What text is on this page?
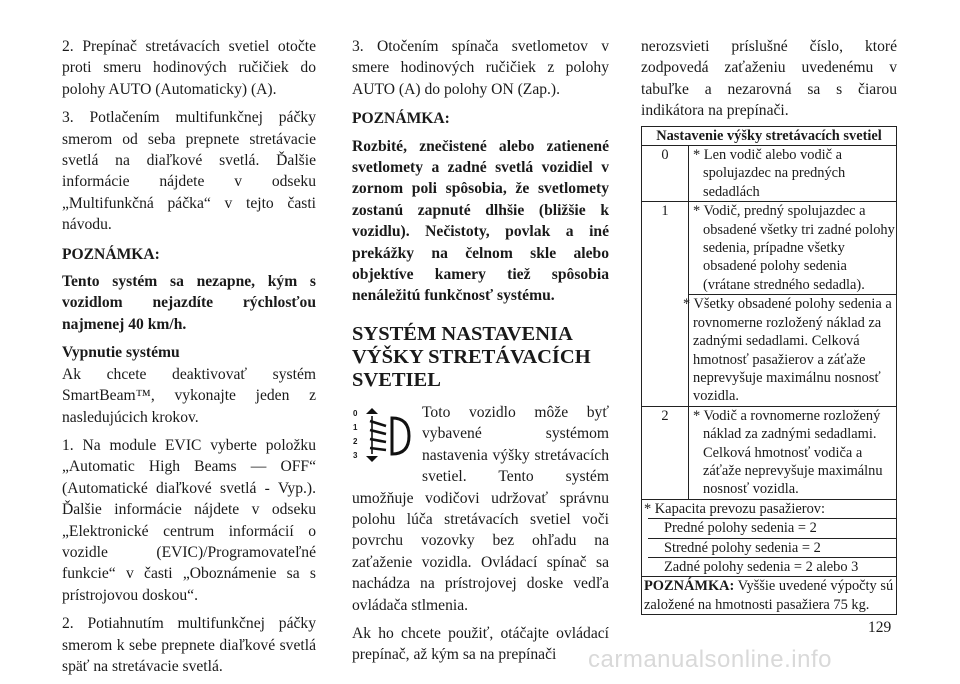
2. Prepínač stretávacích svetiel otočte proti smeru hodinových ručičiek do polohy AUTO (Automaticky) (A).

3. Potlačením multifunkčnej páčky smerom od seba prepnete stretávacie svetlá na diaľkové svetlá. Ďalšie informácie nájdete v odseku „Multifunkčná páčka“ v tejto časti návodu.

POZNÁMKA:

Tento systém sa nezapne, kým s vozidlom nejazdíte rýchlosťou najmenej 40 km/h.

Vypnutie systému

Ak chcete deaktivovať systém SmartBeam™, vykonajte jeden z nasledujúcich krokov.

1. Na module EVIC vyberte položku „Automatic High Beams — OFF“ (Automatické diaľkové svetlá - Vyp.). Ďalšie informácie nájdete v odseku „Elektronické centrum informácií o vozidle (EVIC)/Programovateľné funkcie“ v časti „Oboznámenie sa s prístrojovou doskou“.

2. Potiahnutím multifunkčnej páčky smerom k sebe prepnete diaľkové svetlá späť na stretávacie svetlá.

3. Otočením spínača svetlometov v smere hodinových ručičiek z polohy AUTO (A) do polohy ON (Zap.).

POZNÁMKA:

Rozbité, znečistené alebo zatienené svetlomety a zadné svetlá vozidiel v zornom poli spôsobia, že svetlomety zostanú zapnuté dlhšie (bližšie k vozidlu). Nečistoty, povlak a iné prekážky na čelnom skle alebo objektíve kamery tiež spôsobia nenáležitú funkčnosť systému.

SYSTÉM NASTAVENIA
VÝŠKY STRETÁVACÍCH
SVETIEL
0
1
2
3

Toto vozidlo môže byť vybavené systémom nastavenia výšky stretávacích svetiel. Tento systém umožňuje vodičovi udržovať správnu polohu lúča stretávacích svetiel voči povrchu vozovky bez ohľadu na zaťaženie vozidla. Ovládací spínač sa nachádza na prístrojovej doske vedľa ovládača stlmenia.

Ak ho chcete použiť, otáčajte ovládací prepínač, až kým sa na prepínači

nerozsvieti príslušné číslo, ktoré zodpovedá zaťaženiu uvedenému v tabuľke a nezarovná sa s čiarou indikátora na prepínači.

Nastavenie výšky stretávacích svetiel
0	* Len vodič alebo vodič a spolujazdec na predných sedadlách
1	* Vodič, predný spolujazdec a obsadené všetky tri zadné polohy sedenia, prípadne všetky obsadené polohy sedenia (vrátane stredného sedadla).
* Všetky obsadené polohy sedenia a rovnomerne rozložený náklad za zadnými sedadlami. Celková hmotnosť pasažierov a záťaže neprevyšuje maximálnu nosnosť vozidla.
2	* Vodič a rovnomerne rozložený náklad za zadnými sedadlami. Celková hmotnosť vodiča a záťaže neprevyšuje maximálnu nosnosť vozidla.
* Kapacita prevozu pasažierov:
Predné polohy sedenia = 2
Stredné polohy sedenia = 2
Zadné polohy sedenia = 2 alebo 3
POZNÁMKA: Vyššie uvedené výpočty sú založené na hmotnosti pasažiera 75 kg.
129
carmanualsonline.info
